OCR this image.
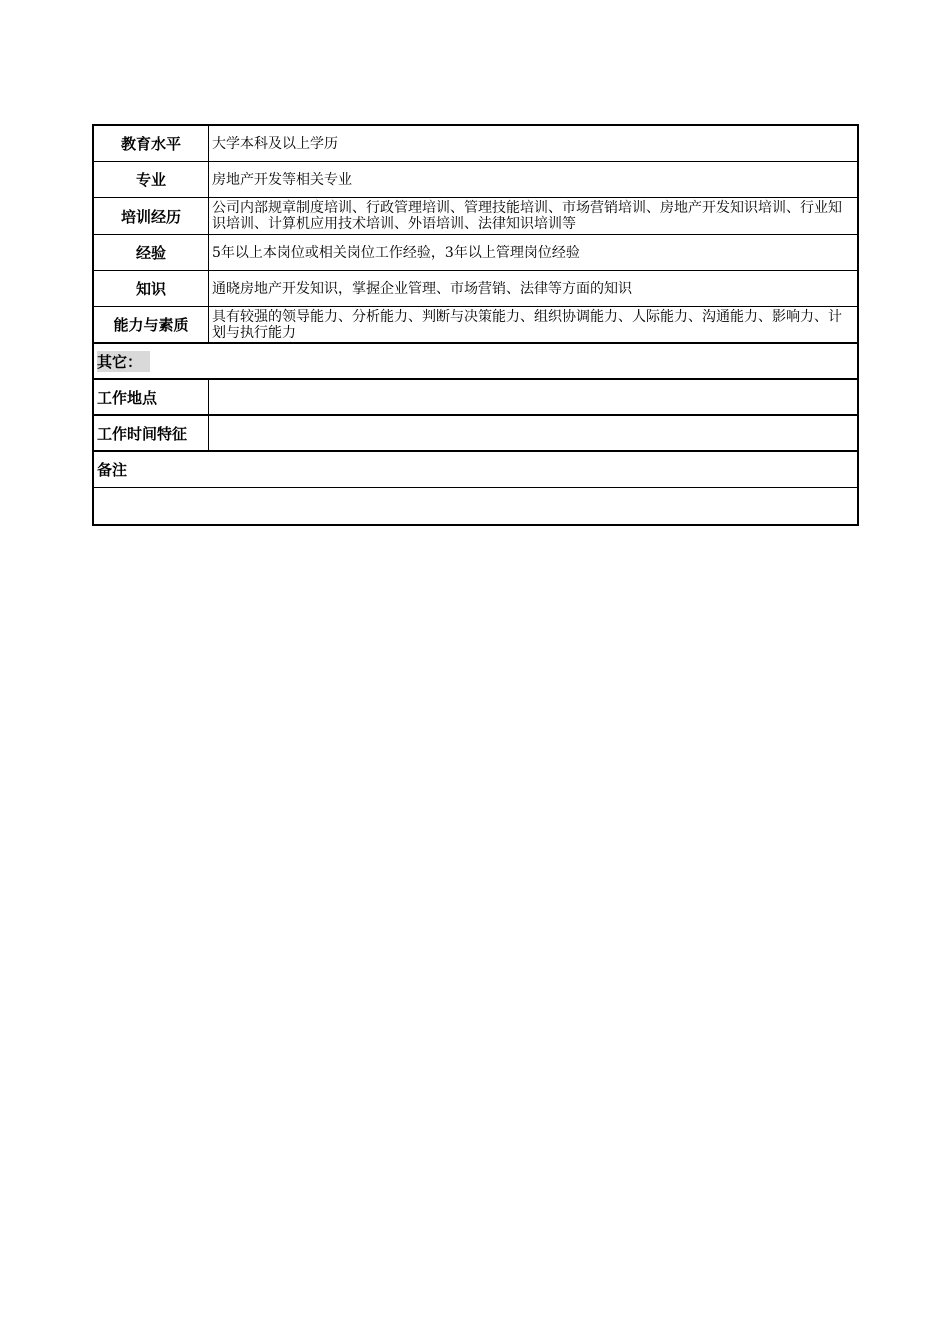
教育水平	大学本科及以上学历
专业	房地产开发等相关专业
培训经历	公司内部规章制度培训、行政管理培训、管理技能培训、市场营销培训、房地产开发知识培训、行业知识培训、计算机应用技术培训、外语培训、法律知识培训等
经验	5年以上本岗位或相关岗位工作经验，3年以上管理岗位经验
知识	通晓房地产开发知识，掌握企业管理、市场营销、法律等方面的知识
能力与素质	具有较强的领导能力、分析能力、判断与决策能力、组织协调能力、人际能力、沟通能力、影响力、计划与执行能力
其它：
工作地点
工作时间特征
备注
